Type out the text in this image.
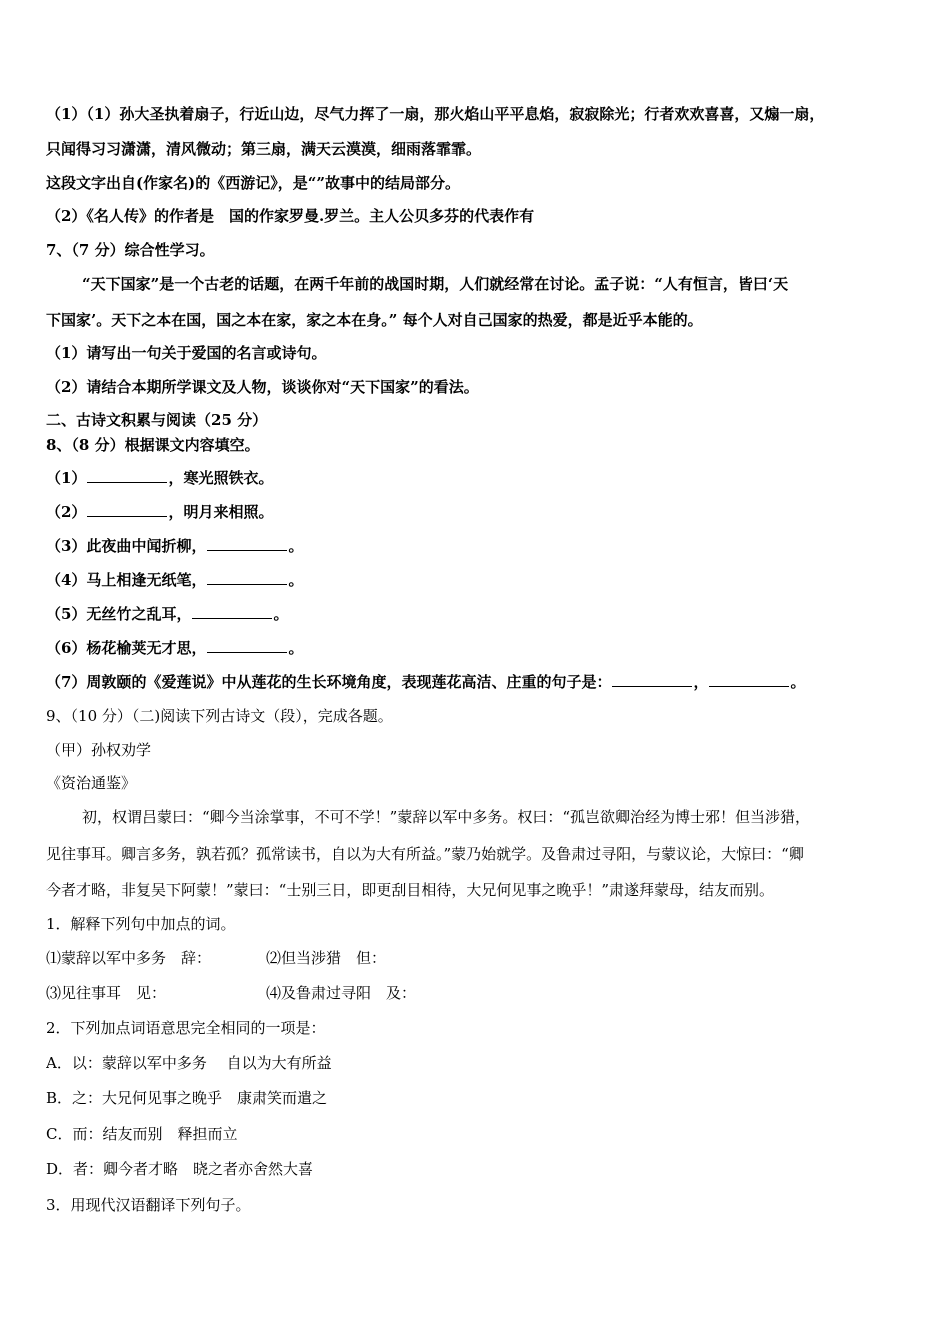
（1）（1）孙大圣执着扇子，行近山边，尽气力挥了一扇，那火焰山平平息焰，寂寂除光；行者欢欢喜喜，又煽一扇，
只闻得习习潇潇，清风微动；第三扇，满天云漠漠，细雨落霏霏。
这段文字出自(作家名)的《西游记》，是“”故事中的结局部分。
（2）《名人传》的作者是　国的作家罗曼.罗兰。主人公贝多芬的代表作有
7、（7 分）综合性学习。
“天下国家”是一个古老的话题，在两千年前的战国时期，人们就经常在讨论。孟子说：“人有恒言，皆曰‘天
下国家’。天下之本在国，国之本在家，家之本在身。” 每个人对自己国家的热爱，都是近乎本能的。
（1）请写出一句关于爱国的名言或诗句。
（2）请结合本期所学课文及人物，谈谈你对“天下国家”的看法。
二、古诗文积累与阅读（25 分）
8、（8 分）根据课文内容填空。
（1）	，寒光照铁衣。
（2）	，明月来相照。
（3）此夜曲中闻折柳，	。
（4）马上相逢无纸笔，	。
（5）无丝竹之乱耳，	。
（6）杨花榆荚无才思，	。
（7）周敦颐的《爱莲说》中从莲花的生长环境角度，表现莲花高洁、庄重的句子是：	，	。
9、（10 分）（二)阅读下列古诗文（段），完成各题。
（甲）孙权劝学
《资治通鉴》
初，权谓吕蒙曰：“卿今当涂掌事，不可不学！”蒙辞以军中多务。权曰：“孤岂欲卿治经为博士邪！但当涉猎，
见往事耳。卿言多务，孰若孤？孤常读书，自以为大有所益。”蒙乃始就学。及鲁肃过寻阳，与蒙议论，大惊曰：“卿
今者才略，非复吴下阿蒙！”蒙曰：“士别三日，即更刮目相待，大兄何见事之晚乎！”肃遂拜蒙母，结友而别。
1．解释下列句中加点的词。
⑴蒙辞以军中多务　辞：	⑵但当涉猎　但：
⑶见往事耳　见：	⑷及鲁肃过寻阳　及：
2．下列加点词语意思完全相同的一项是：
A．以：蒙辞以军中多务　 自以为大有所益
B．之：大兄何见事之晚乎　康肃笑而遣之
C．而：结友而别　释担而立
D．者：卿今者才略　晓之者亦舍然大喜
3．用现代汉语翻译下列句子。
